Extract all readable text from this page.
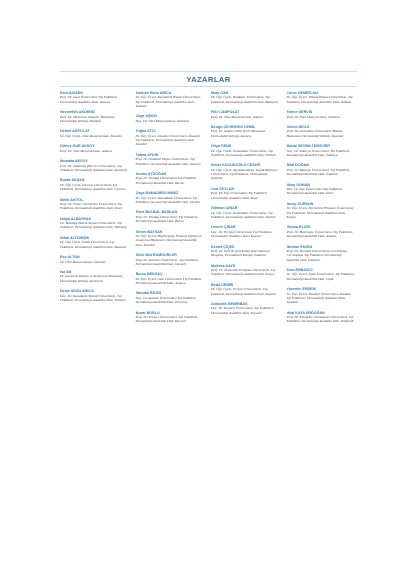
YAZARLAR
Esra ADIŞEN
Prof. Dr. Gazi Üniversitesi Tıp Fakültesi Dermatoloji Anabilim Dalı, Ankara
Necmettin AKDENİZ
Prof. Dr. Memorial Ataşehir Hastanesi, Dermatoloji Kliniği, İstanbul
Demet AKPOLAT
Dr. Öğr. Üyesi, Özel Muayenehane, İstanbul
Güneş GÜR AKSOY
Prof. Dr. Özel Muayenehane, Ankara
Mustafa AKSOY
Prof. Dr. Şanlıurfa Harran Üniversitesi, Tıp Fakültesi, Dermatoloji Anabilim Dalı, Şanlıurfa
Burak AKŞAN
Dr. Öğr. Üyesi, Giresun Üniversitesi, Tıp Fakültesi, Dermatoloji Anabilim Dalı, Giresun
Melih AKYOL
Prof. Dr. Sivas Cumhuriyet Üniversitesi, Tıp Fakültesi, Dermatoloji Anabilim Dalı, Sivas
Hülya ALBAYRAK
Dr. Tekirdağ Namık Kemal Üniversitesi, Tıp Fakültesi, Dermatoloji Anabilim Dalı, Tekirdağ
Nihal ALTUNIŞIK
Dr. Öğr. Üyesi, İnönü Üniversitesi, Tıp Fakültesi, Dermatoloji Anabilim Dalı, Malatya
Ece ALTUN
Dr. Özel Muayenehane, İstanbul
İsa AN
Dr. Şanlıurfa Eğitim ve Araştırma Hastanesi, Dermatoloji Kliniği, Şanlıurfa
Deniz AKSU ARICA
Doç. Dr. Karadeniz Teknik Üniversitesi, Tıp Fakültesi, Dermatoloji Anabilim Dalı, Trabzon
İbrahim Etem ARICA
Dr. Öğr. Üyesi, Karadeniz Teknik Üniversitesi, Tıp Fakültesi, Dermatoloji Anabilim Dalı, Trabzon
Özge AŞKIN
Doç. Dr. Özel Muayenehane, İstanbul
Tuğba ATCI
Dr. Öğr. Üyesi, İstanbul Üniversitesi, İstanbul Tıp Fakültesi, Dermatoloji Anabilim Dalı, İstanbul
Fatma AYDIN
Prof. Dr. Ondokuz Mayıs Üniversitesi, Tıp Fakültesi, Dermatoloji Anabilim Dalı, Samsun
Kenan AYDOĞAN
Prof. Dr. Uludağ Üniversitesi Tıp Fakültesi Dermatoloji Anabilim Dalı, Bursa
Özge BAHADIRSÖNMEZ
Dr. Öğr. Üyesi, Pamukkale Üniversitesi, Tıp Fakültesi, Dermatoloji Anabilim Dalı, Denizli
Emel BÜLBÜL BAŞKAN
Prof. Dr. Uludağ Üniversitesi, Tıp Fakültesi, Dermatoloji Anabilim Dalı, Bursa
Sevim BAYSAK
Dr. Öğr. Üyesi, Haydarpaşa Numune Eğitim ve Araştırma Hastanesi, Dermatoloji Anabilim Dalı, İstanbul
Dilek BAYRAMGÜRLER
Prof. Dr. Kocaeli Üniversitesi, Tıp Fakültesi, Dermatoloji Anabilim Dalı, Kocaeli
Burcu BEKSAÇ
Dr. Öğr. Üyesi, Gazi Üniversitesi Tıp Fakültesi Dermatoloji Anabilim Dalı, Ankara
Handan BİLEN
Doç. Dr. Atatürk Üniversitesi Tıp Fakültesi Dermatoloji Anabilim Dalı, Erzurum
Murat BORLU
Prof. Dr. Erciyes Üniversitesi, Tıp Fakültesi, Dermatoloji Anabilim Dalı, Kayseri
İlkay CAN
Dr. Öğr. Üyesi, Balıkesir Üniversitesi, Tıp Fakültesi, Dermatoloji Anabilim Dalı, Balıkesir
Filiz CANPOLAT
Prof. Dr. Özel Muayenehane, Ankara
Bengü ÇEVİRGEN CEMİL
Prof. Dr. Ankara Etlik Şehir Hastanesi, Dermatoloji Kliniği, Ankara
Hilya CENK
Dr. Öğr. Üyesi, Pamukkale Üniversitesi, Tıp Fakültesi, Dermatoloji Anabilim Dalı, Denizli
Seher KÜÇÜKOĞLU CESUR
Dr. Öğr. Üyesi, Afyonkarahisar Sağlık Bilimleri Üniversitesi, Tıp Fakültesi, Dermatoloji, İstanbul
Can CEYLAN
Prof. Dr. Ege Üniversitesi Tıp Fakültesi Dermatoloji Anabilim Dalı, İzmir
Gökhan ÇINAR
Dr. Öğr. Üyesi, Pamukkale Üniversitesi, Tıp Fakültesi, Dermatoloji Anabilim Dalı, Denizli
Levent ÇINAR
Doç. Dr. Erciyes Üniversitesi Tıp Fakültesi, Dermatoloji Anabilim Dalı, Kayseri
Demet ÇİÇEK
Prof. Dr. İSTÜN Şişli Kolan International Hospital, Dermatoloji Kliniği, İstanbul
Mukesa DAYE
Prof. Dr. Necmettin Erbakan Üniversitesi, Tıp Fakültesi, Dermatoloji Anabilim Dalı, Konya
Betül DEMİR
Dr. Öğr. Üyesi, Erciyes Üniversitesi, Tıp Fakültesi, Dermatoloji Anabilim Dalı, Kayseri
Abdullah DEMİRBAŞ
Doç. Dr. Kocaeli Üniversitesi, Tıp Fakültesi, Dermatoloji Anabilim Dalı, Kocaeli
Caner DEMİRCAN
Dr. Öğr. Üyesi, Yüksek İhtisas Üniversitesi, Tıp Fakültesi, Dermatoloji Anabilim Dalı, Ankara
Emine DERVİŞ
Prof. Dr. Özel Muayenehane, İstanbul
Özlem DİCLE
Prof. Dr. Acıbadem Üniversitesi Maslak Hastanesi, Dermatoloji Kliniği, İstanbul
Bahar SEVİMLİ DİKİCİER
Doç. Dr. Sakarya Üniversitesi, Tıp Fakültesi, Dermatoloji Anabilim Dalı, Sakarya
Bilal DOĞAN
Prof. Dr. Maltepe Üniversitesi, Tıp Fakültesi, Dermatoloji Anabilim Dalı, İstanbul
Nilay DUMAN
Doç. Dr. Ege Üniversitesi Tıp Fakültesi Dermatoloji Anabilim Dalı, İzmir
Necip DURSUN
Dr. Öğr. Üyesi, Necmettin Erbakan Üniversitesi, Tıp Fakültesi, Dermatoloji Anabilim Dalı, Konya
Gonca ELÇİN
Prof. Dr. Hacettepe Üniversitesi, Tıp Fakültesi, Dermatoloji Anabilim Dalı, Ankara
Burhan ENGİN
Prof. Dr. İstanbul Üniversitesi-Cerrahpaşa, Cerrahpaşa Tıp Fakültesi, Dermatoloji Anabilim Dalı, İstanbul
Esra ERBAĞCI
Dr. Öğr. Üyesi, Uşak Üniversitesi, Tıp Fakültesi, Dermatoloji Anabilim Dalı, Uşak
Yasemin ERDEM
Dr. Öğr. Üyesi, İstanbul Üniversitesi, İstanbul Tıp Fakültesi, Dermatoloji Anabilim Dalı, İstanbul
Hilal KAYA ERDOĞAN
Prof. Dr. Eskişehir Osmangazi Üniversitesi, Tıp Fakültesi, Dermatoloji Anabilim Dalı, Eskişehir
